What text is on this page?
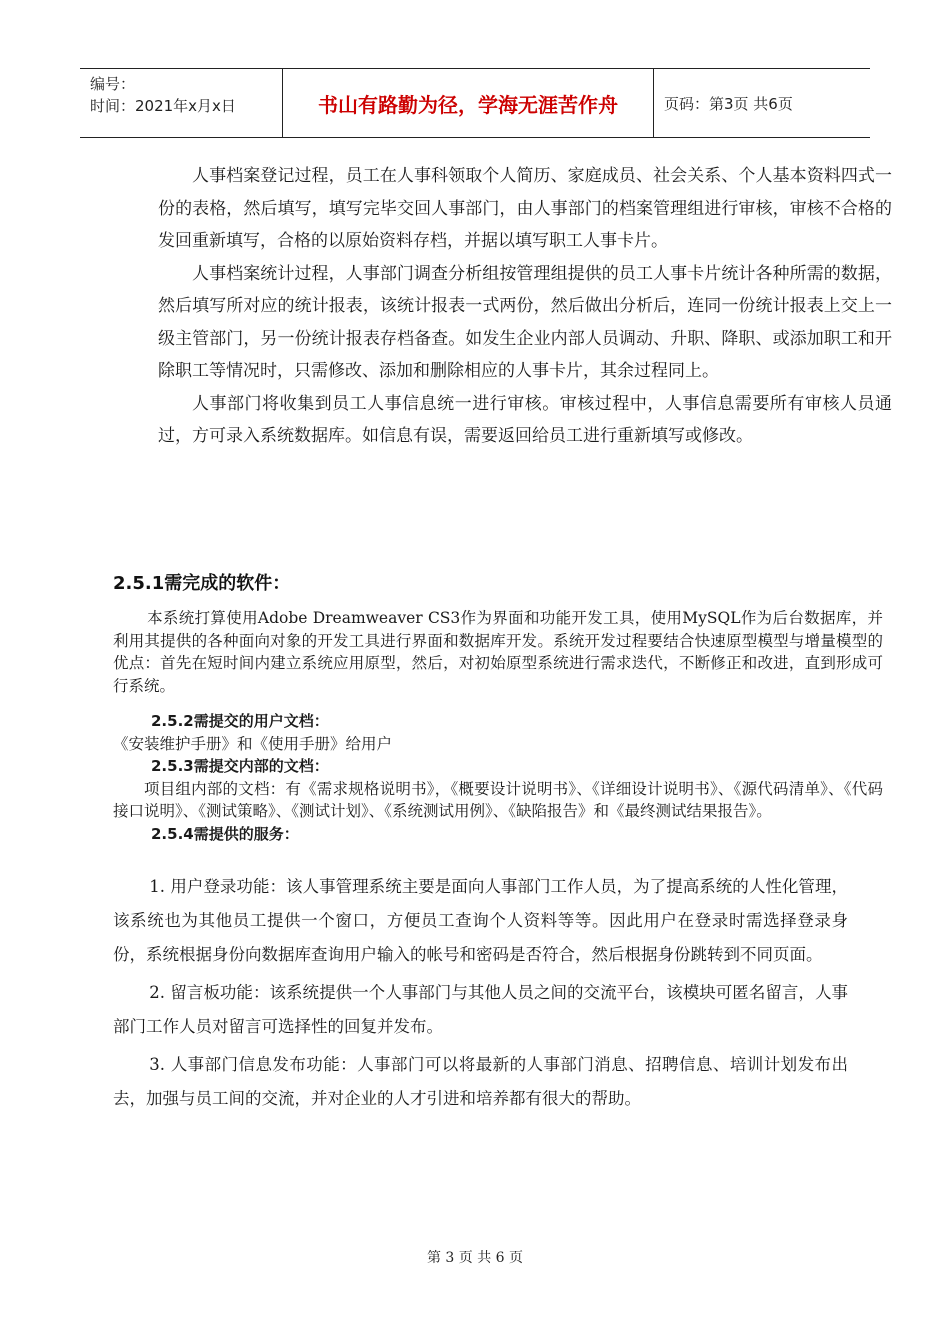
编号：
时间：2021年x月x日	书山有路勤为径，学海无涯苦作舟	页码：第3页 共6页

人事档案登记过程，员工在人事科领取个人简历、家庭成员、社会关系、个人基本资料四式一份的表格，然后填写，填写完毕交回人事部门，由人事部门的档案管理组进行审核，审核不合格的发回重新填写，合格的以原始资料存档，并据以填写职工人事卡片。

人事档案统计过程，人事部门调查分析组按管理组提供的员工人事卡片统计各种所需的数据，然后填写所对应的统计报表，该统计报表一式两份，然后做出分析后，连同一份统计报表上交上一级主管部门，另一份统计报表存档备查。如发生企业内部人员调动、升职、降职、或添加职工和开除职工等情况时，只需修改、添加和删除相应的人事卡片，其余过程同上。

人事部门将收集到员工人事信息统一进行审核。审核过程中，人事信息需要所有审核人员通过，方可录入系统数据库。如信息有误，需要返回给员工进行重新填写或修改。

2.5.1需完成的软件：

本系统打算使用Adobe Dreamweaver CS3作为界面和功能开发工具，使用MySQL作为后台数据库，并利用其提供的各种面向对象的开发工具进行界面和数据库开发。系统开发过程要结合快速原型模型与增量模型的优点：首先在短时间内建立系统应用原型，然后，对初始原型系统进行需求迭代，不断修正和改进，直到形成可行系统。

2.5.2需提交的用户文档：

《安装维护手册》和《使用手册》给用户

2.5.3需提交内部的文档：

项目组内部的文档：有《需求规格说明书》，《概要设计说明书》、《详细设计说明书》、《源代码清单》、《代码接口说明》、《测试策略》、《测试计划》、《系统测试用例》、《缺陷报告》和《最终测试结果报告》。

2.5.4需提供的服务：

1. 用户登录功能：该人事管理系统主要是面向人事部门工作人员，为了提高系统的人性化管理，该系统也为其他员工提供一个窗口，方便员工查询个人资料等等。因此用户在登录时需选择登录身份，系统根据身份向数据库查询用户输入的帐号和密码是否符合，然后根据身份跳转到不同页面。

2. 留言板功能：该系统提供一个人事部门与其他人员之间的交流平台，该模块可匿名留言，人事部门工作人员对留言可选择性的回复并发布。

3. 人事部门信息发布功能：人事部门可以将最新的人事部门消息、招聘信息、培训计划发布出去，加强与员工间的交流，并对企业的人才引进和培养都有很大的帮助。

第 3 页 共 6 页
